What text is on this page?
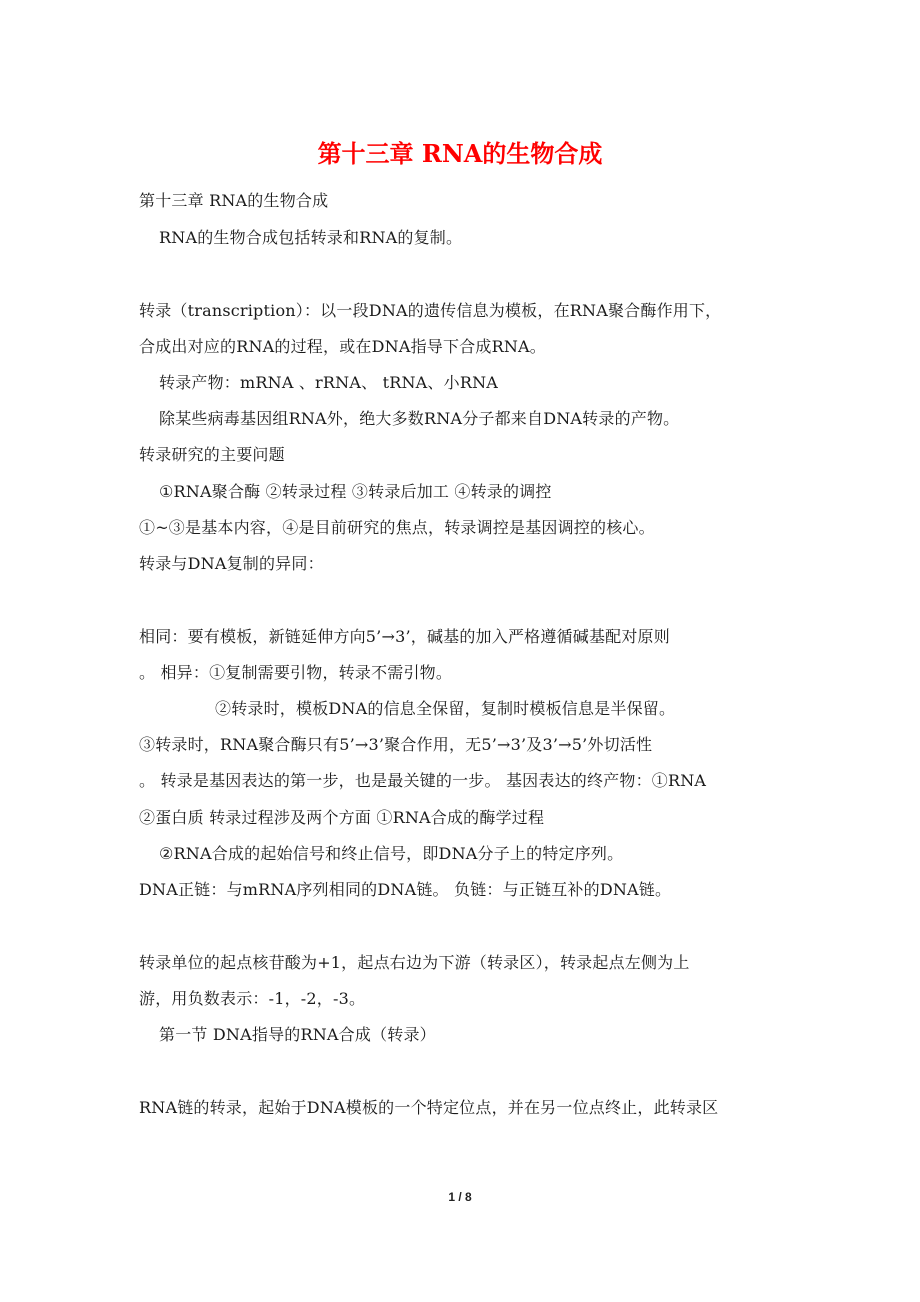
第十三章 RNA的生物合成
第十三章 RNA的生物合成
RNA的生物合成包括转录和RNA的复制。
转录（transcription）：以一段DNA的遗传信息为模板，在RNA聚合酶作用下，
合成出对应的RNA的过程，或在DNA指导下合成RNA。
转录产物：mRNA 、rRNA、 tRNA、小RNA
除某些病毒基因组RNA外，绝大多数RNA分子都来自DNA转录的产物。
转录研究的主要问题
①RNA聚合酶 ②转录过程 ③转录后加工 ④转录的调控
①~③是基本内容，④是目前研究的焦点，转录调控是基因调控的核心。
转录与DNA复制的异同：
相同：要有模板，新链延伸方向5’→3’，碱基的加入严格遵循碱基配对原则
。 相异：①复制需要引物，转录不需引物。
②转录时，模板DNA的信息全保留，复制时模板信息是半保留。
③转录时，RNA聚合酶只有5’→3’聚合作用，无5’→3’及3’→5’外切活性
。 转录是基因表达的第一步，也是最关键的一步。 基因表达的终产物：①RNA
②蛋白质 转录过程涉及两个方面 ①RNA合成的酶学过程
②RNA合成的起始信号和终止信号，即DNA分子上的特定序列。
DNA正链：与mRNA序列相同的DNA链。 负链：与正链互补的DNA链。
转录单位的起点核苷酸为+1，起点右边为下游（转录区），转录起点左侧为上
游，用负数表示：-1，-2，-3。
第一节 DNA指导的RNA合成（转录）
RNA链的转录，起始于DNA模板的一个特定位点，并在另一位点终止，此转录区
1 / 8
